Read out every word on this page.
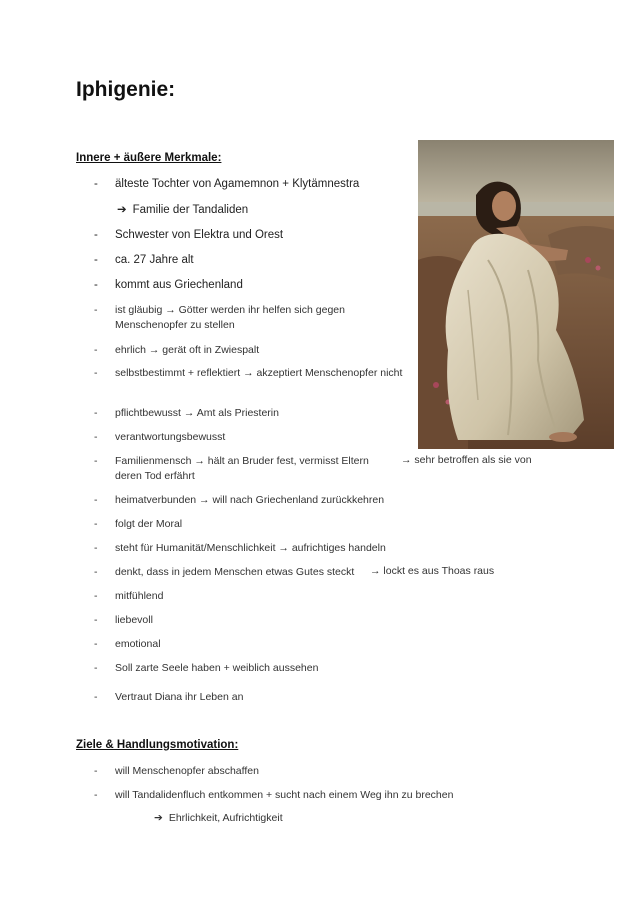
Iphigenie:
Innere + äußere Merkmale:
-	älteste Tochter von Agamemnon + Klytämnestra
➔ Familie der Tandaliden
-	Schwester von Elektra und Orest
-	ca. 27 Jahre alt
-	kommt aus Griechenland
-	ist gläubig → Götter werden ihr helfen sich gegen Menschenopfer zu stellen
-	ehrlich → gerät oft in Zwiespalt
-	selbstbestimmt + reflektiert → akzeptiert Menschenopfer nicht
-	pflichtbewusst → Amt als Priesterin
-	verantwortungsbewusst
-	Familienmensch → hält an Bruder fest, vermisst Eltern
deren Tod erfährt
→ sehr betroffen als sie von
-	heimatverbunden → will nach Griechenland zurückkehren
-	folgt der Moral
-	steht für Humanität/Menschlichkeit → aufrichtiges handeln
-	denkt, dass in jedem Menschen etwas Gutes steckt	→ lockt es aus Thoas raus
-	mitfühlend
-	liebevoll
-	emotional
-	Soll zarte Seele haben + weiblich aussehen
-	Vertraut Diana ihr Leben an
Ziele & Handlungsmotivation:
-	will Menschenopfer abschaffen
-	will Tandalidenfluch entkommen + sucht nach einem Weg ihn zu brechen
➔ Ehrlichkeit, Aufrichtigkeit
